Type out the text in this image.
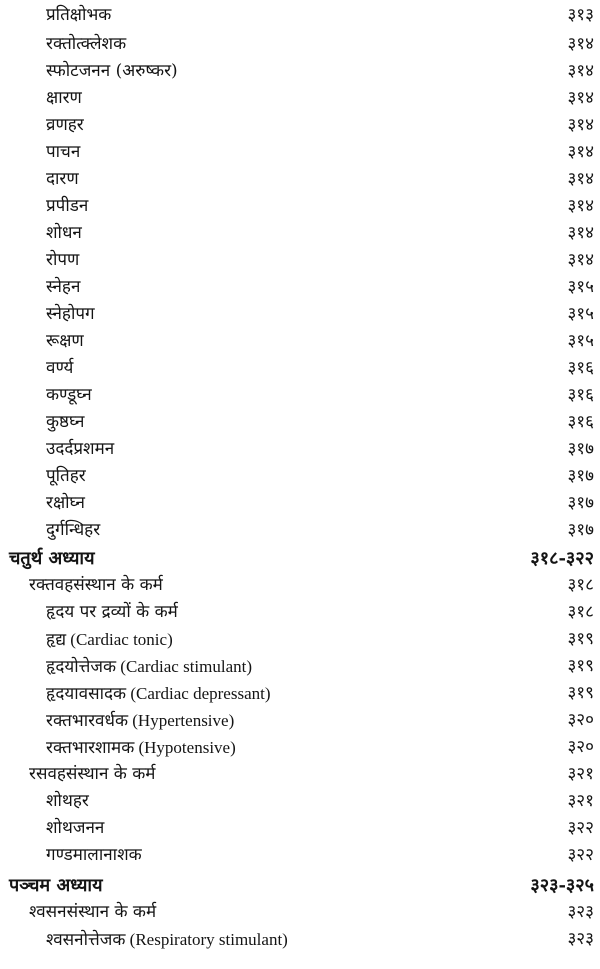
प्रतिक्षोभक	३१३
रक्तोत्क्लेशक	३१४
स्फोटजनन (अरुष्कर)	३१४
क्षारण	३१४
व्रणहर	३१४
पाचन	३१४
दारण	३१४
प्रपीडन	३१४
शोधन	३१४
रोपण	३१४
स्नेहन	३१५
स्नेहोपग	३१५
रूक्षण	३१५
वर्ण्य	३१६
कण्डूघ्न	३१६
कुष्ठघ्न	३१६
उदर्दप्रशमन	३१७
पूतिहर	३१७
रक्षोघ्न	३१७
दुर्गन्धिहर	३१७
चतुर्थ अध्याय	३१८-३२२
रक्तवहसंस्थान के कर्म	३१८
हृदय पर द्रव्यों के कर्म	३१८
हृद्य (Cardiac tonic)	३१९
हृदयोत्तेजक (Cardiac stimulant)	३१९
हृदयावसादक (Cardiac depressant)	३१९
रक्तभारवर्धक (Hypertensive)	३२०
रक्तभारशामक (Hypotensive)	३२०
रसवहसंस्थान के कर्म	३२१
शोथहर	३२१
शोथजनन	३२२
गण्डमालानाशक	३२२
पञ्चम अध्याय	३२३-३२५
श्वसनसंस्थान के कर्म	३२३
श्वसनोत्तेजक (Respiratory stimulant)	३२३
